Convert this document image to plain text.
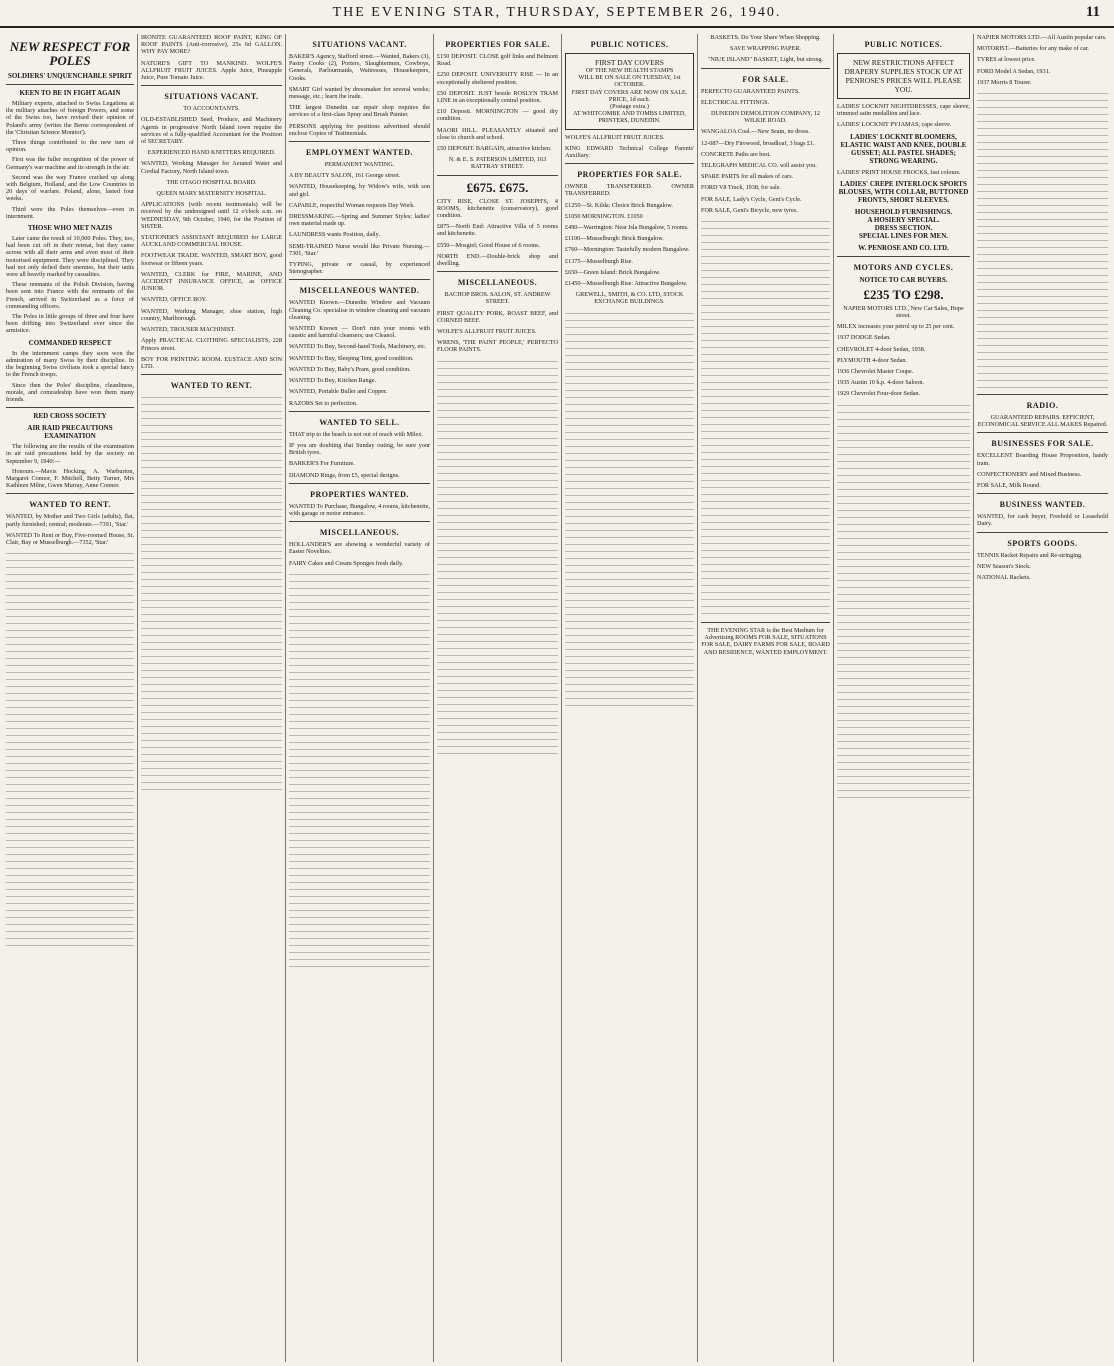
THE EVENING STAR, THURSDAY, SEPTEMBER 26, 1940.	11
NEW RESPECT FOR POLES
SOLDIERS' UNQUENCHABLE SPIRIT
KEEN TO BE IN FIGHT AGAIN

Military experts, attached to Swiss Legations at the military attaches of foreign Powers, and some of the Swiss too, have revised their opinion of Poland's army (writes the Berne correspondent of the 'Christian Science Monitor').

Three things contributed to the new turn of opinion.

First was the fuller recognition of the power of Germany's war machine and its strength in the air.

Second was the way France cracked up along with Belgium, Holland, and the Low Countries in 20 days of warfare. Poland, alone, lasted four weeks.

Third were the Poles themselves—even in internment.

THOSE WHO MET NAZIS

Later came the result of 10,000 Poles. They, too, had been cut off in their retreat, but they came across with all their arms and even most of their motorised equipment. They were disciplined. They had not only defied their enemies, but their units were all heavily marked by casualties.

These remnants of the Polish Division, having been sent into France with the remnants of the French, arrived in Switzerland as a force of commanding officers.

The Poles in little groups of three and four have been drifting into Switzerland ever since the armistice.

COMMANDED RESPECT

In the internment camps they soon won the admiration of many Swiss by their discipline. In the beginning Swiss civilians took a special fancy to the French troops.

Since then the Poles' discipline, cleanliness, morale, and comradeship have won them many friends.

RED CROSS SOCIETY
AIR RAID PRECAUTIONS EXAMINATION

The following are the results of the examination in air raid precautions held by the society on September 9, 1940:—

Honours.—Mavis Hocking, A. Warburton, Margaret Connor, F. Mitchell, Betty Turner, Mrs Kathleen Milne, Gwen Murray, Anne Connor.

WANTED TO RENT.

WANTED, by Mother and Two Girls (adults), flat, partly furnished; central; moderate.—7391, 'Star.'

WANTED To Rent or Buy, Five-roomed House, St. Clair, Bay or Musselburgh.—7352, 'Star.'

IRONITE GUARANTEED ROOF PAINT, KING OF ROOF PAINTS (Anti-corrosive), 25s 6d GALLON. WHY PAY MORE?

NATURE'S GIFT TO MANKIND. WOLFE'S ALLFRUIT FRUIT JUICES. Apple Juice, Pineapple Juice, Pure Tomato Juice.

SITUATIONS VACANT.

TO ACCOUNTANTS.

OLD-ESTABLISHED Seed, Produce, and Machinery Agents in progressive North Island town require the services of a fully-qualified Accountant for the Position of SECRETARY.

EXPERIENCED HAND KNITTERS REQUIRED.

WANTED, Working Manager for Aerated Water and Cordial Factory, North Island town.

THE OTAGO HOSPITAL BOARD.

QUEEN MARY MATERNITY HOSPITAL.

APPLICATIONS (with recent testimonials) will be received by the undersigned until 12 o'clock a.m. on WEDNESDAY, 9th October, 1940, for the Position of SISTER.

STATIONER'S ASSISTANT REQUIRED for LARGE AUCKLAND COMMERCIAL HOUSE.

FOOTWEAR TRADE. WANTED, SMART BOY, good footwear or fifteen years.

WANTED, CLERK for FIRE, MARINE, AND ACCIDENT INSURANCE OFFICE, as OFFICE JUNIOR.

WANTED, OFFICE BOY.

WANTED, Working Manager, shoe station, high country, Marlborough.

WANTED, TROUSER MACHINIST.

Apply PRACTICAL CLOTHING SPECIALISTS, 228 Princes street.

BOY FOR PRINTING ROOM. EUSTACE AND SON LTD.

WANTED TO RENT.
SITUATIONS VACANT.

BAKER'S Agency, Stafford street.—Wanted, Bakers (3), Pastry Cooks (2), Porters, Slaughtermen, Cowboys, Generals, Parlourmaids, Waitresses, Housekeepers, Cooks.

SMART Girl wanted by dressmaker for several weeks; message, etc.; learn the trade.

THE largest Dunedin car repair shop requires the services of a first-class Spray and Brush Painter.

PERSONS applying for positions advertised should enclose Copies of Testimonials.

EMPLOYMENT WANTED.

PERMANENT WANTING.

A BY BEAUTY SALON, 161 George street.

WANTED, Housekeeping, by Widow's wife, with son and girl.

CAPABLE, respectful Woman requests Day Work.

DRESSMAKING.—Spring and Summer Styles; ladies' own material made up.

LAUNDRESS wants Position, daily.

SEMI-TRAINED Nurse would like Private Nursing.—7301, 'Star.'

TYPING, private or casual, by experienced Stenographer.

MISCELLANEOUS WANTED.

WANTED Known.—Dunedin Window and Vacuum Cleaning Co. specialise in window cleaning and vacuum cleaning.

WANTED Known — Don't ruin your rooms with caustic and harmful cleansers; use Cleanol.

WANTED To Buy, Second-hand Tools, Machinery, etc.

WANTED To Buy, Sleeping Tent, good condition.

WANTED To Buy, Baby's Pram, good condition.

WANTED To Buy, Kitchen Range.

WANTED, Portable Buller and Copper.

RAZORS Set to perfection.

WANTED TO SELL.

THAT trip to the beach is not out of reach with Milex.

IF you are doubting that Sunday outing, be sure your British tyres.

BARKER'S For Furniture.

DIAMOND Rings, from £5, special designs.

PROPERTIES WANTED.

WANTED To Purchase, Bungalow, 4 rooms, kitchenette, with garage or motor entrance.

MISCELLANEOUS.

HOLLANDER'S are showing a wonderful variety of Easter Novelties.

FAIRY Cakes and Cream Sponges fresh daily.

PROPERTIES FOR SALE.

£150 DEPOSIT. CLOSE golf links and Belmont Road.

£250 DEPOSIT. UNIVERSITY RISE — In an exceptionally sheltered position.

£50 DEPOSIT. JUST beside ROSLYN TRAM LINE in an exceptionally central position.

£10 Deposit. MORNINGTON — good dry condition.

MAORI HILL. PLEASANTLY situated and close to church and school.

£50 DEPOSIT. BARGAIN, attractive kitchen.

N. & E. S. PATERSON LIMITED, 163 RATTRAY STREET.

£675. £675.

CITY RISE, CLOSE ST. JOSEPH'S, 4 ROOMS, kitchenette (conservatory), good condition.

£875—North End: Attractive Villa of 5 rooms and kitchenette.

£550—Mosgiel; Good House of 6 rooms.

NORTH END.—Double-brick shop and dwelling.

MISCELLANEOUS.

BACHOP BROS. SALON, ST. ANDREW STREET.

FIRST QUALITY PORK, ROAST BEEF, and CORNED BEEF.

WOLFE'S ALLFRUIT FRUIT JUICES.

WRENS, 'THE PAINT PEOPLE,' PERFECTO FLOOR PAINTS.

PUBLIC NOTICES.
FIRST DAY COVERS
OF THE NEW HEALTH STAMPS
WILL BE ON SALE ON TUESDAY, 1st OCTOBER.
FIRST DAY COVERS ARE NOW ON SALE.
PRICE, 1d each.
(Postage extra.)
AT WHITCOMBE AND TOMBS LIMITED, PRINTERS, DUNEDIN.

WOLFE'S ALLFRUIT FRUIT JUICES.

KING EDWARD Technical College Parents' Auxiliary.

PROPERTIES FOR SALE.

OWNER TRANSFERRED. OWNER TRANSFERRED.

£1250—St. Kilda: Choice Brick Bungalow.

£1050 MORNINGTON. £1050

£490—Warrington: Near Isla Bungalow, 5 rooms.

£1100—Musselburgh: Brick Bungalow.

£760—Mornington: Tastefully modern Bungalow.

£1375—Musselburgh Rise.

£650—Green Island: Brick Bungalow.

£1450—Musselburgh Rise: Attractive Bungalow.

GREWELL, SMITH, & CO. LTD, STOCK EXCHANGE BUILDINGS.

BASKETS. Do Your Share When Shopping.

SAVE WRAPPING PAPER.

"NIUE ISLAND" BASKET, Light, but strong.

FOR SALE.

PERFECTO GUARANTEED PAINTS.

ELECTRICAL FITTINGS.

DUNEDIN DEMOLITION COMPANY, 12 WILKIE ROAD.

WANGALOA Coal.—New Seam, no dross.

12-087—Dry Firewood, broadloaf, 3 bags £1.

CONCRETE Paths are best.

TELEGRAPH MEDICAL CO. will assist you.

SPARE PARTS for all makes of cars.

FORD V8 Truck, 1938, for sale.

FOR SALE, Lady's Cycle, Gent's Cycle.

FOR SALE, Gent's Bicycle, new tyres.

THE EVENING STAR is the Best Medium for Advertising ROOMS FOR SALE, SITUATIONS FOR SALE, DAIRY FARMS FOR SALE, BOARD AND RESIDENCE, WANTED EMPLOYMENT.

PUBLIC NOTICES.
NEW RESTRICTIONS AFFECT DRAPERY SUPPLIES STOCK UP AT PENROSE'S PRICES WILL PLEASE YOU.

LADIES' LOCKNIT NIGHTDRESSES, cape sleeve; trimmed satin medallion and lace.

LADIES' LOCKNIT PYJAMAS, cape sleeve.

LADIES' LOCKNIT BLOOMERS, ELASTIC WAIST AND KNEE, DOUBLE GUSSET; ALL PASTEL SHADES; STRONG WEARING.

LADIES' PRINT HOUSE FROCKS, fast colours.

LADIES' CREPE INTERLOCK SPORTS BLOUSES, WITH COLLAR, BUTTONED FRONTS, SHORT SLEEVES.

HOUSEHOLD FURNISHINGS.
A HOSIERY SPECIAL.
DRESS SECTION.
SPECIAL LINES FOR MEN.
W. PENROSE AND CO. LTD.
MOTORS AND CYCLES.
NOTICE TO CAR BUYERS.
£235 TO £298.

NAPIER MOTORS LTD., New Car Sales, Hope street.

MILEX increases your petrol up to 25 per cent.

1937 DODGE Sedan.

CHEVROLET 4-door Sedan, 1938.

PLYMOUTH 4-door Sedan.

1936 Chevrolet Master Coupe.

1935 Austin 10 h.p. 4-door Saloon.

1929 Chevrolet Four-door Sedan.

NAPIER MOTORS LTD.—All Austin popular cars.

MOTORIST.—Batteries for any make of car.

TYRES at lowest price.

FORD Model A Sedan, 1931.

1937 Morris 8 Tourer.

RADIO.

GUARANTEED REPAIRS. EFFICIENT, ECONOMICAL SERVICE ALL MAKES Repaired.

BUSINESSES FOR SALE.

EXCELLENT Boarding House Proposition, handy tram.

CONFECTIONERY and Mixed Business.

FOR SALE, Milk Round.

BUSINESS WANTED.

WANTED, for cash buyer, Freehold or Leasehold Dairy.

SPORTS GOODS.

TENNIS Racket Repairs and Re-stringing.

NEW Season's Stock.

NATIONAL Rackets.
